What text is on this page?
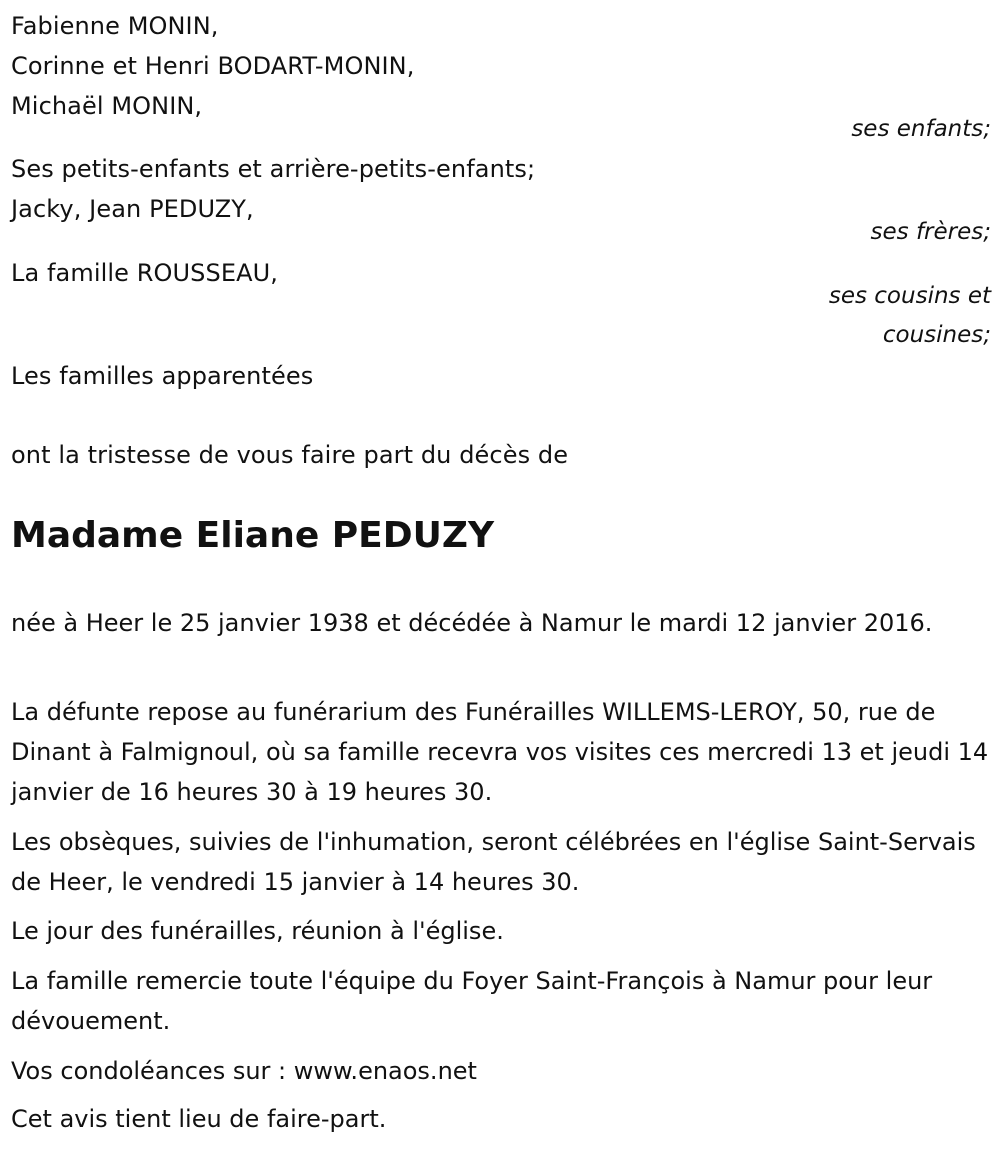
Fabienne MONIN,
Corinne et Henri BODART-MONIN,
Michaël MONIN,
ses enfants;
Ses petits-enfants et arrière-petits-enfants;
Jacky, Jean PEDUZY,
ses frères;
La famille ROUSSEAU,
ses cousins et
cousines;
Les familles apparentées
ont la tristesse de vous faire part du décès de
Madame Eliane PEDUZY
née à Heer le 25 janvier 1938 et décédée à Namur le mardi 12 janvier 2016.
La défunte repose au funérarium des Funérailles WILLEMS-LEROY, 50, rue de Dinant à Falmignoul, où sa famille recevra vos visites ces mercredi 13 et jeudi 14 janvier de 16 heures 30 à 19 heures 30.
Les obsèques, suivies de l'inhumation, seront célébrées en l'église Saint-Servais de Heer, le vendredi 15 janvier à 14 heures 30.
Le jour des funérailles, réunion à l'église.
La famille remercie toute l'équipe du Foyer Saint-François à Namur pour leur dévouement.
Vos condoléances sur : www.enaos.net
Cet avis tient lieu de faire-part.
